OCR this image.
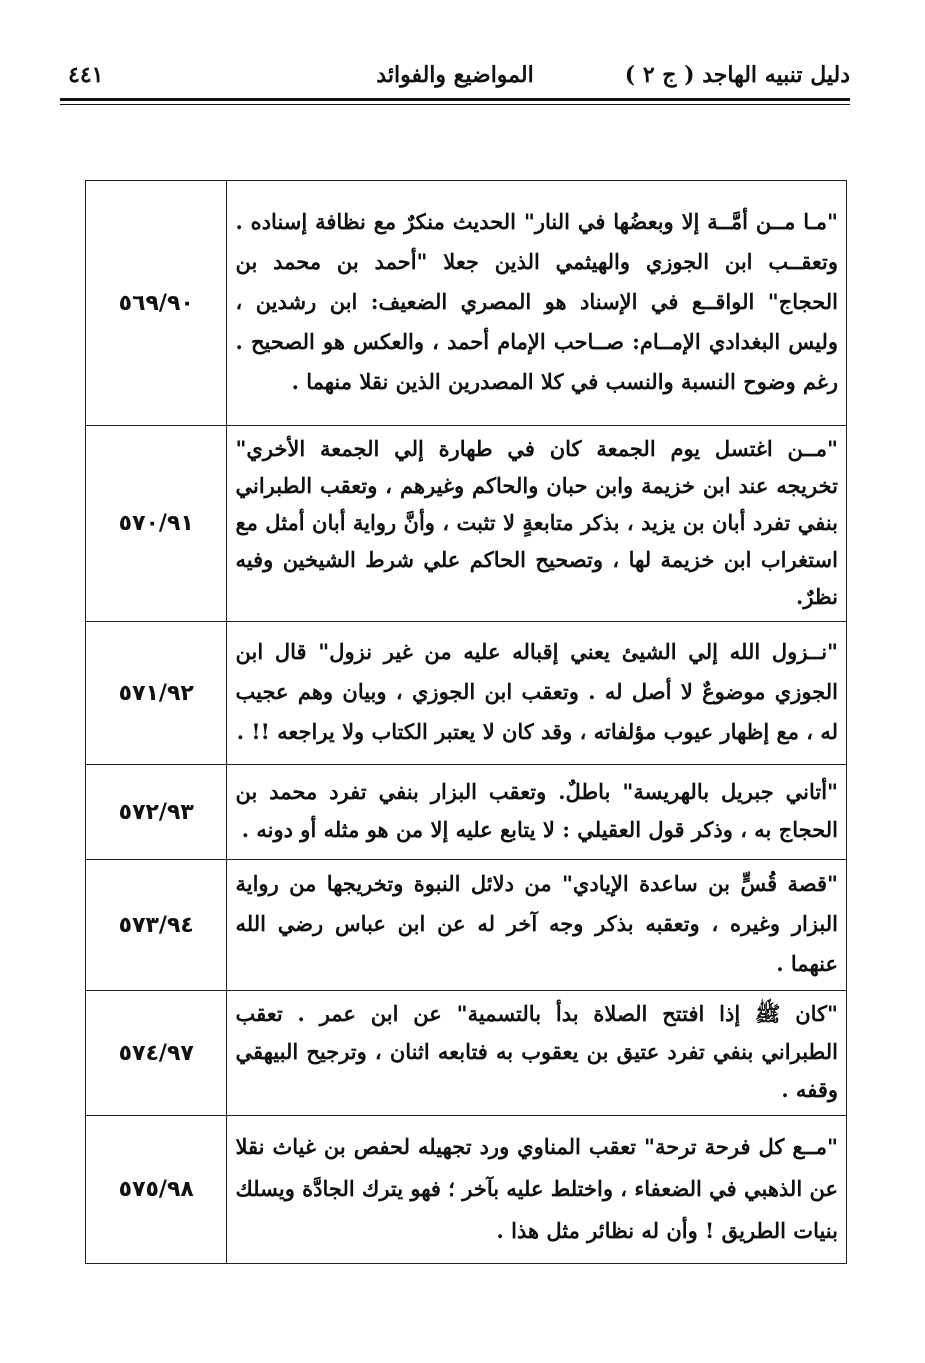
دليل تنبيه الهاجد ( ج ٢ )
المواضيع والفوائد
٤٤١
"مـا مــن أمَّــة إلا وبعضُها في النار" الحديث منكرٌ مع نظافة إسناده . وتعقــب ابن الجوزي والهيثمي الذين جعلا "أحمد بن محمد بن الحجاج" الواقــع في الإسناد هو المصري الضعيف: ابن رشدين ، وليس البغدادي الإمــام: صــاحب الإمام أحمد ، والعكس هو الصحيح . رغم وضوح النسبة والنسب في كلا المصدرين الذين نقلا منهما .	٥٦٩/٩٠
"مــن اغتسل يوم الجمعة كان في طهارة إلي الجمعة الأخري" تخريجه عند ابن خزيمة وابن حبان والحاكم وغيرهم ، وتعقب الطبراني بنفي تفرد أبان بن يزيد ، بذكر متابعةٍ لا تثبت ، وأنَّ رواية أبان أمثل مع استغراب ابن خزيمة لها ، وتصحيح الحاكم علي شرط الشيخين وفيه نظرٌ.	٥٧٠/٩١
"نــزول الله إلي الشيئ يعني إقباله عليه من غير نزول" قال ابن الجوزي موضوعٌ لا أصل له . وتعقب ابن الجوزي ، وبيان وهم عجيب له ، مع إظهار عيوب مؤلفاته ، وقد كان لا يعتبر الكتاب ولا يراجعه !! .	٥٧١/٩٢
"أتاني جبريل بالهريسة" باطلٌ. وتعقب البزار بنفي تفرد محمد بن الحجاج به ، وذكر قول العقيلي : لا يتابع عليه إلا من هو مثله أو دونه .	٥٧٢/٩٣
"قصة قُسٍّ بن ساعدة الإيادي" من دلائل النبوة وتخريجها من رواية البزار وغيره ، وتعقبه بذكر وجه آخر له عن ابن عباس رضي الله عنهما .	٥٧٣/٩٤
"كان ﷺ إذا افتتح الصلاة بدأ بالتسمية" عن ابن عمر . تعقب الطبراني بنفي تفرد عتيق بن يعقوب به فتابعه اثنان ، وترجيح البيهقي وقفه .	٥٧٤/٩٧
"مــع كل فرحة ترحة" تعقب المناوي ورد تجهيله لحفص بن غياث نقلا عن الذهبي في الضعفاء ، واختلط عليه بآخر ؛ فهو يترك الجادَّة ويسلك بنيات الطريق ! وأن له نظائر مثل هذا .	٥٧٥/٩٨
